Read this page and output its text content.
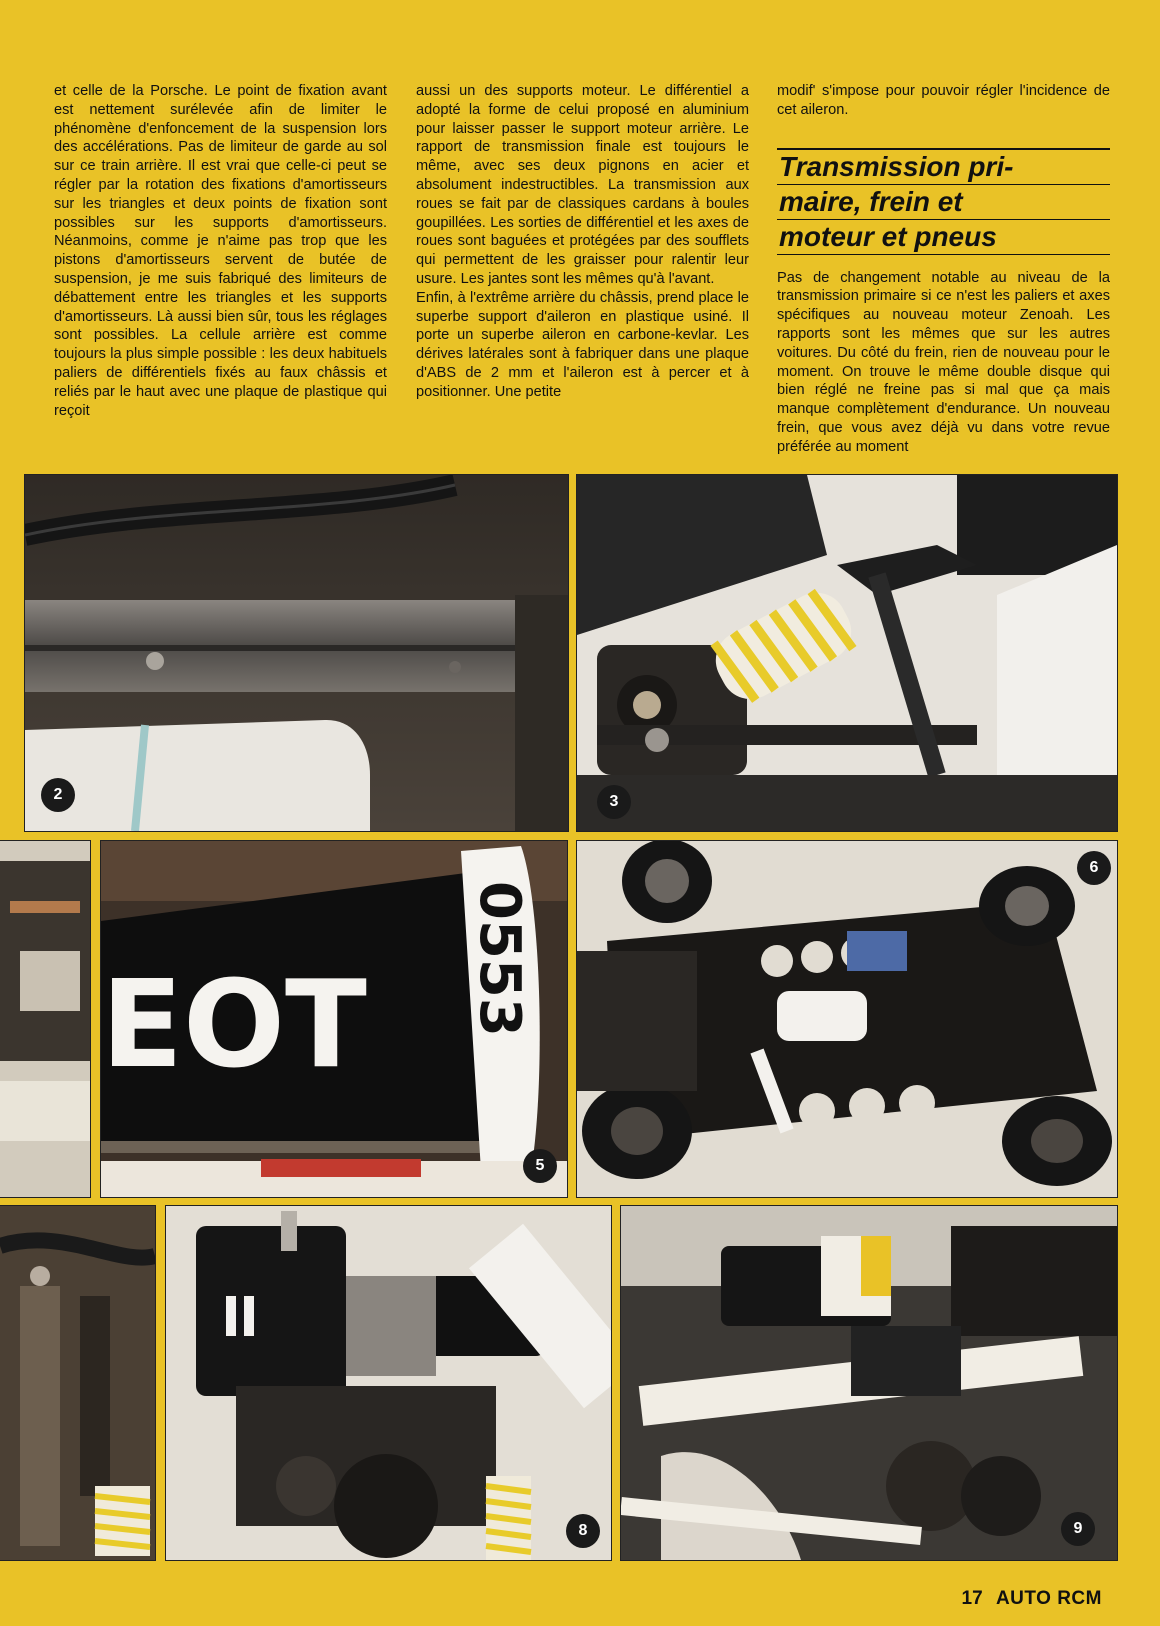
et celle de la Porsche. Le point de fixation avant est nettement surélevée afin de limiter le phénomène d'enfoncement de la suspension lors des accélérations. Pas de limiteur de garde au sol sur ce train arrière. Il est vrai que celle-ci peut se régler par la rotation des fixations d'amortisseurs sur les triangles et deux points de fixation sont possibles sur les supports d'amortisseurs. Néanmoins, comme je n'aime pas trop que les pistons d'amortisseurs servent de butée de suspension, je me suis fabriqué des limiteurs de débattement entre les triangles et les supports d'amortisseurs. Là aussi bien sûr, tous les réglages sont possibles. La cellule arrière est comme toujours la plus simple possible : les deux habituels paliers de différentiels fixés au faux châssis et reliés par le haut avec une plaque de plastique qui reçoit

aussi un des supports moteur. Le différentiel a adopté la forme de celui proposé en aluminium pour laisser passer le support moteur arrière. Le rapport de transmission finale est toujours le même, avec ses deux pignons en acier et absolument indestructibles. La transmission aux roues se fait par de classiques cardans à boules goupillées. Les sorties de différentiel et les axes de roues sont baguées et protégées par des soufflets qui permettent de les graisser pour ralentir leur usure. Les jantes sont les mêmes qu'à l'avant.

Enfin, à l'extrême arrière du châssis, prend place le superbe support d'aileron en plastique usiné. Il porte un superbe aileron en carbone-kevlar. Les dérives latérales sont à fabriquer dans une plaque d'ABS de 2 mm et l'aileron est à percer et à positionner. Une petite

modif' s'impose pour pouvoir régler l'incidence de cet aileron.

Transmission pri-
maire, frein et
moteur et pneus

Pas de changement notable au niveau de la transmission primaire si ce n'est les paliers et axes spécifiques au nouveau moteur Zenoah. Les rapports sont les mêmes que sur les autres voitures. Du côté du frein, rien de nouveau pour le moment. On trouve le même double disque qui bien réglé ne freine pas si mal que ça mais manque complètement d'endurance. Un nouveau frein, que vous avez déjà vu dans votre revue préférée au moment

2	3
EOT 0553
5
6
8	9
17 AUTO RCM
